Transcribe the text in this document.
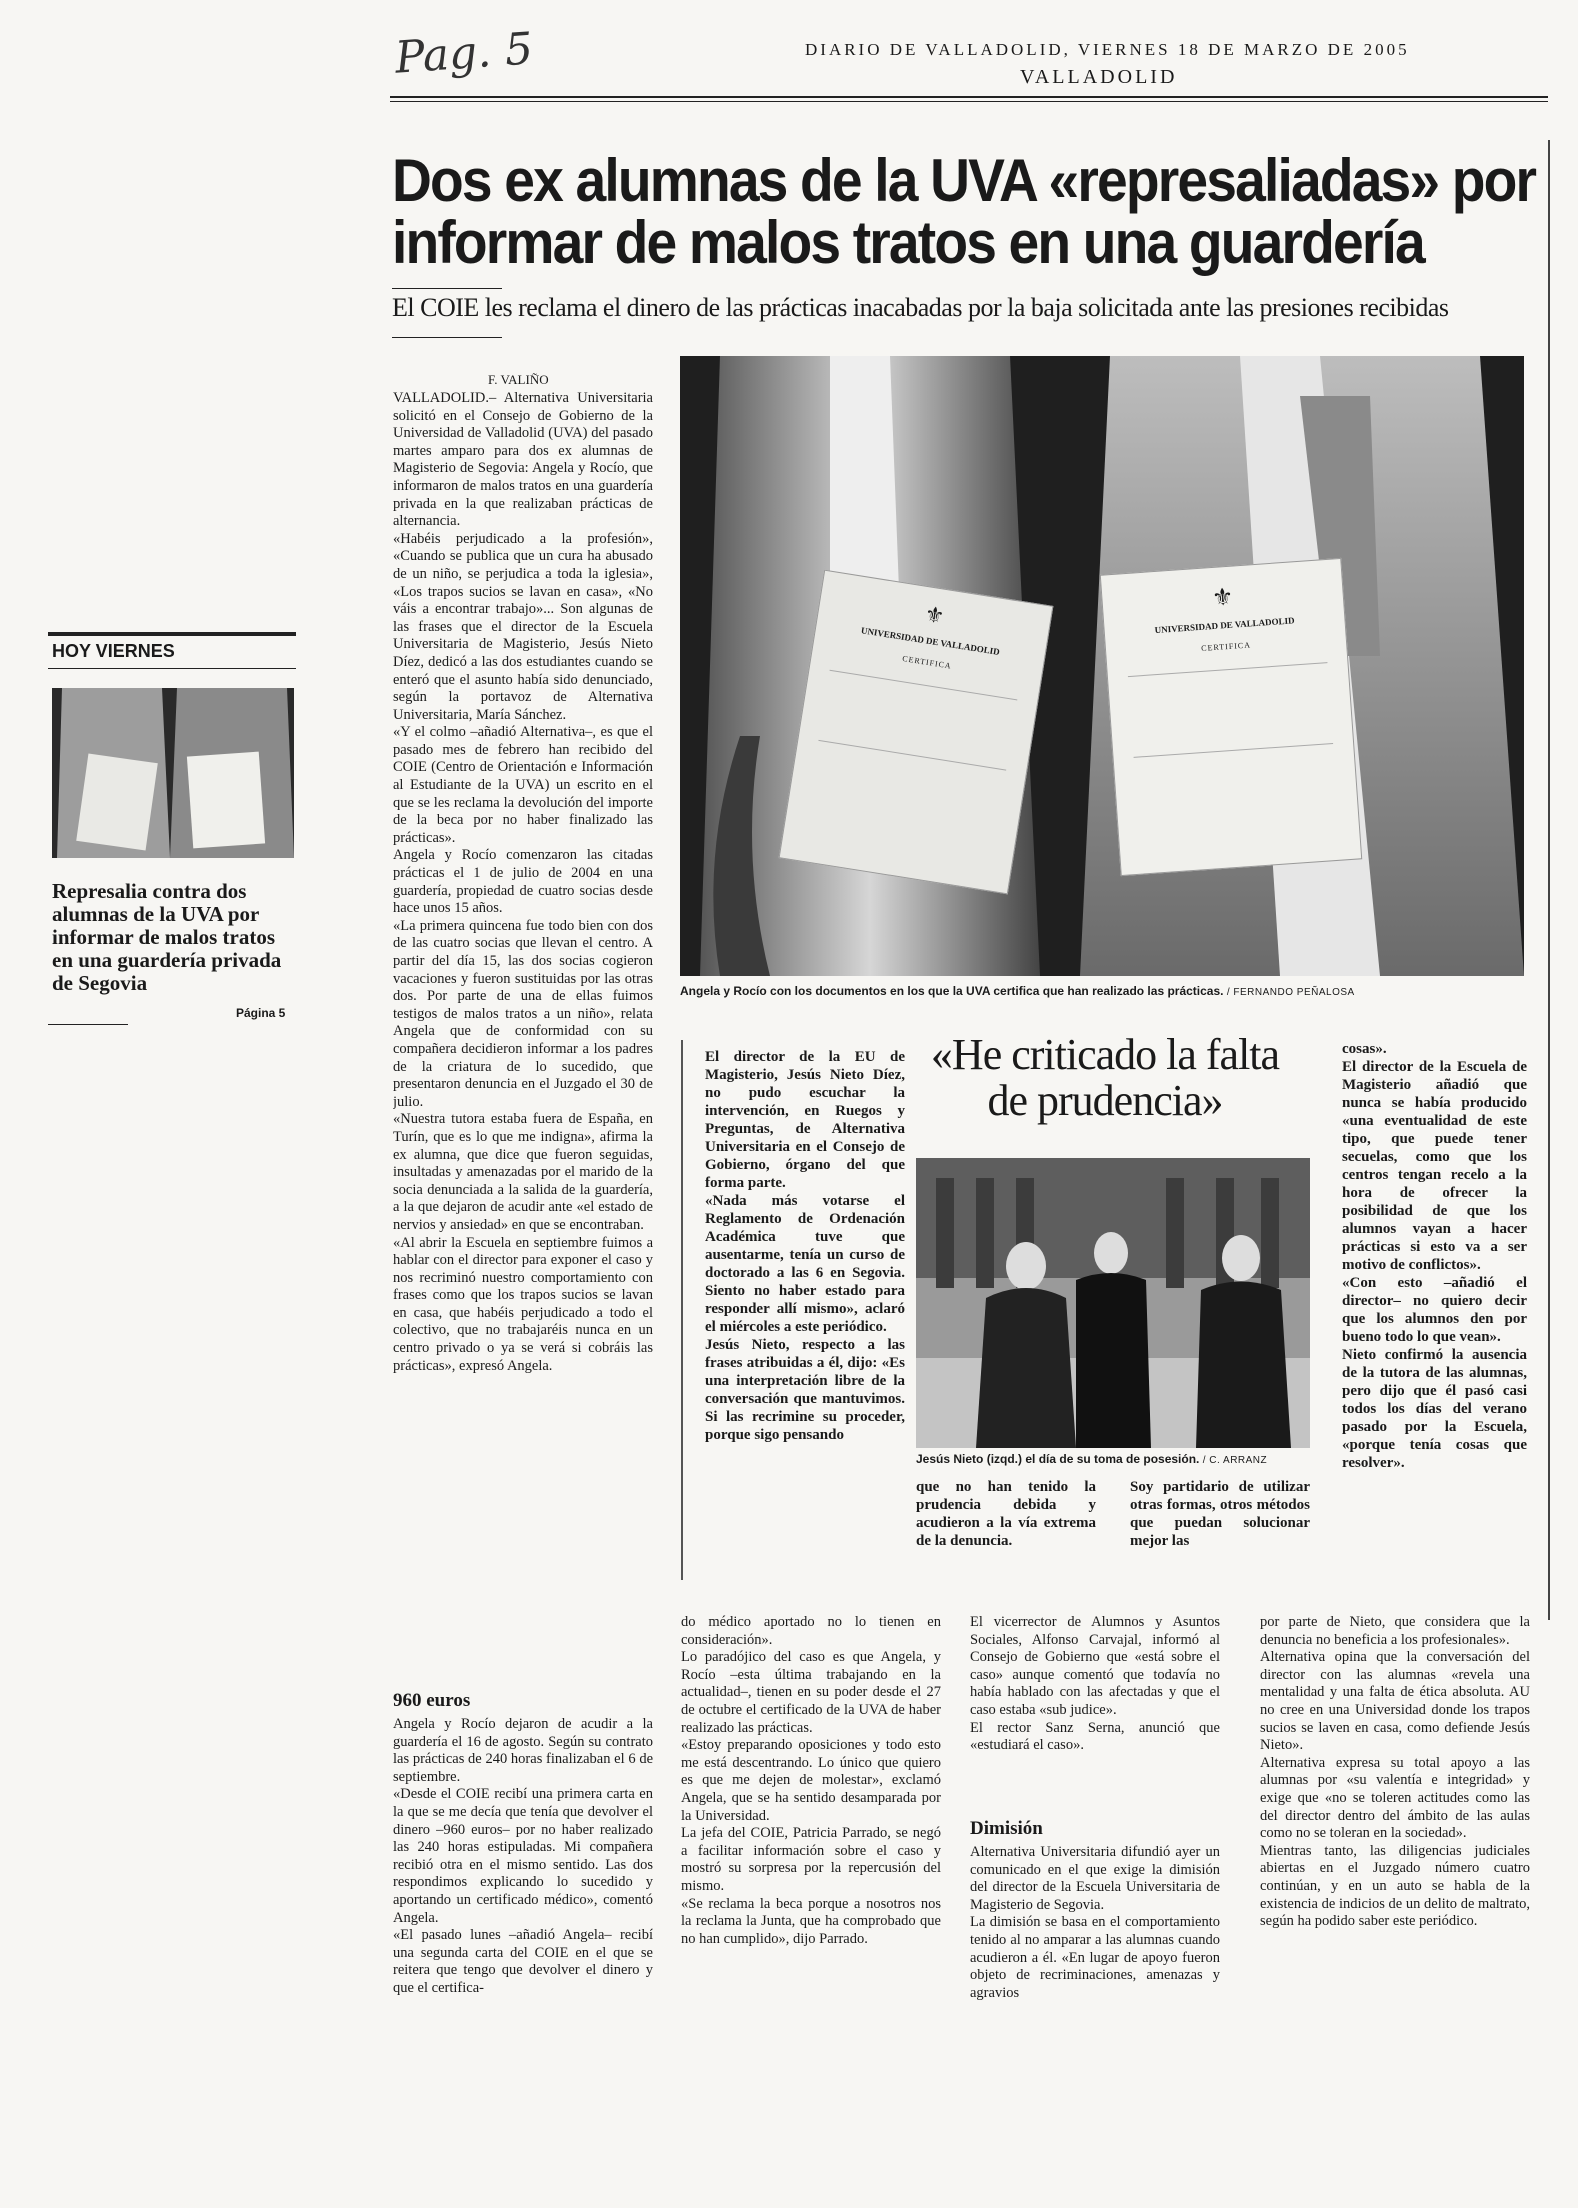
Pag. 5	DIARIO DE VALLADOLID, VIERNES 18 DE MARZO DE 2005
VALLADOLID
Dos ex alumnas de la UVA «represaliadas» por
informar de malos tratos en una guardería
El COIE les reclama el dinero de las prácticas inacabadas por la baja solicitada ante las presiones recibidas
⚜
UNIVERSIDAD DE VALLADOLID
CERTIFICA
⚜
UNIVERSIDAD DE VALLADOLID
CERTIFICA
Angela y Rocío con los documentos en los que la UVA certifica que han realizado las prácticas. / FERNANDO PEÑALOSA
F. VALIÑO
VALLADOLID.– Alternativa Universitaria solicitó en el Consejo de Gobierno de la Universidad de Valladolid (UVA) del pasado martes amparo para dos ex alumnas de Magisterio de Segovia: Angela y Rocío, que informaron de malos tratos en una guardería privada en la que realizaban prácticas de alternancia.
«Habéis perjudicado a la profesión», «Cuando se publica que un cura ha abusado de un niño, se perjudica a toda la iglesia», «Los trapos sucios se lavan en casa», «No váis a encontrar trabajo»... Son algunas de las frases que el director de la Escuela Universitaria de Magisterio, Jesús Nieto Díez, dedicó a las dos estudiantes cuando se enteró que el asunto había sido denunciado, según la portavoz de Alternativa Universitaria, María Sánchez.
«Y el colmo –añadió Alternativa–, es que el pasado mes de febrero han recibido del COIE (Centro de Orientación e Información al Estudiante de la UVA) un escrito en el que se les reclama la devolución del importe de la beca por no haber finalizado las prácticas».
Angela y Rocío comenzaron las citadas prácticas el 1 de julio de 2004 en una guardería, propiedad de cuatro socias desde hace unos 15 años.
«La primera quincena fue todo bien con dos de las cuatro socias que llevan el centro. A partir del día 15, las dos socias cogieron vacaciones y fueron sustituidas por las otras dos. Por parte de una de ellas fuimos testigos de malos tratos a un niño», relata Angela que de conformidad con su compañera decidieron informar a los padres de la criatura de lo sucedido, que presentaron denuncia en el Juzgado el 30 de julio.
«Nuestra tutora estaba fuera de España, en Turín, que es lo que me indigna», afirma la ex alumna, que dice que fueron seguidas, insultadas y amenazadas por el marido de la socia denunciada a la salida de la guardería, a la que dejaron de acudir ante «el estado de nervios y ansiedad» en que se encontraban.
«Al abrir la Escuela en septiembre fuimos a hablar con el director para exponer el caso y nos recriminó nuestro comportamiento con frases como que los trapos sucios se lavan en casa, que habéis perjudicado a todo el colectivo, que no trabajaréis nunca en un centro privado o ya se verá si cobráis las prácticas», expresó Angela.
960 euros
Angela y Rocío dejaron de acudir a la guardería el 16 de agosto. Según su contrato las prácticas de 240 horas finalizaban el 6 de septiembre.
«Desde el COIE recibí una primera carta en la que se me decía que tenía que devolver el dinero –960 euros– por no haber realizado las 240 horas estipuladas. Mi compañera recibió otra en el mismo sentido. Las dos respondimos explicando lo sucedido y aportando un certificado médico», comentó Angela.
«El pasado lunes –añadió Angela– recibí una segunda carta del COIE en el que se reitera que tengo que devolver el dinero y que el certifica-
do médico aportado no lo tienen en consideración».
Lo paradójico del caso es que Angela, y Rocío –esta última trabajando en la actualidad–, tienen en su poder desde el 27 de octubre el certificado de la UVA de haber realizado las prácticas.
«Estoy preparando oposiciones y todo esto me está descentrando. Lo único que quiero es que me dejen de molestar», exclamó Angela, que se ha sentido desamparada por la Universidad.
La jefa del COIE, Patricia Parrado, se negó a facilitar información sobre el caso y mostró su sorpresa por la repercusión del mismo.
«Se reclama la beca porque a nosotros nos la reclama la Junta, que ha comprobado que no han cumplido», dijo Parrado.
El vicerrector de Alumnos y Asuntos Sociales, Alfonso Carvajal, informó al Consejo de Gobierno que «está sobre el caso» aunque comentó que todavía no había hablado con las afectadas y que el caso estaba «sub judice».
El rector Sanz Serna, anunció que «estudiará el caso».
Dimisión
Alternativa Universitaria difundió ayer un comunicado en el que exige la dimisión del director de la Escuela Universitaria de Magisterio de Segovia.
La dimisión se basa en el comportamiento tenido al no amparar a las alumnas cuando acudieron a él. «En lugar de apoyo fueron objeto de recriminaciones, amenazas y agravios
por parte de Nieto, que considera que la denuncia no beneficia a los profesionales».
Alternativa opina que la conversación del director con las alumnas «revela una mentalidad y una falta de ética absoluta. AU no cree en una Universidad donde los trapos sucios se laven en casa, como defiende Jesús Nieto».
Alternativa expresa su total apoyo a las alumnas por «su valentía e integridad» y exige que «no se toleren actitudes como las del director dentro del ámbito de las aulas como no se toleran en la sociedad».
Mientras tanto, las diligencias judiciales abiertas en el Juzgado número cuatro continúan, y en un auto se habla de la existencia de indicios de un delito de maltrato, según ha podido saber este periódico.
El director de la EU de Magisterio, Jesús Nieto Díez, no pudo escuchar la intervención, en Ruegos y Preguntas, de Alternativa Universitaria en el Consejo de Gobierno, órgano del que forma parte.
«Nada más votarse el Reglamento de Ordenación Académica tuve que ausentarme, tenía un curso de doctorado a las 6 en Segovia. Siento no haber estado para responder allí mismo», aclaró el miércoles a este periódico.
Jesús Nieto, respecto a las frases atribuidas a él, dijo: «Es una interpretación libre de la conversación que mantuvimos. Si las recrimine su proceder, porque sigo pensando
«He criticado la falta de prudencia»
Jesús Nieto (izqd.) el día de su toma de posesión. / C. ARRANZ
que no han tenido la prudencia debida y acudieron a la vía extrema de la denuncia.
Soy partidario de utilizar otras formas, otros métodos que puedan solucionar mejor las
cosas».
El director de la Escuela de Magisterio añadió que nunca se había producido «una eventualidad de este tipo, que puede tener secuelas, como que los centros tengan recelo a la hora de ofrecer la posibilidad de que los alumnos vayan a hacer prácticas si esto va a ser motivo de conflictos».
«Con esto –añadió el director– no quiero decir que los alumnos den por bueno todo lo que vean».
Nieto confirmó la ausencia de la tutora de las alumnas, pero dijo que él pasó casi todos los días del verano pasado por la Escuela, «porque tenía cosas que resolver».
HOY VIERNES
Represalia contra dos alumnas de la UVA por informar de malos tratos en una guardería privada de Segovia
Página 5
